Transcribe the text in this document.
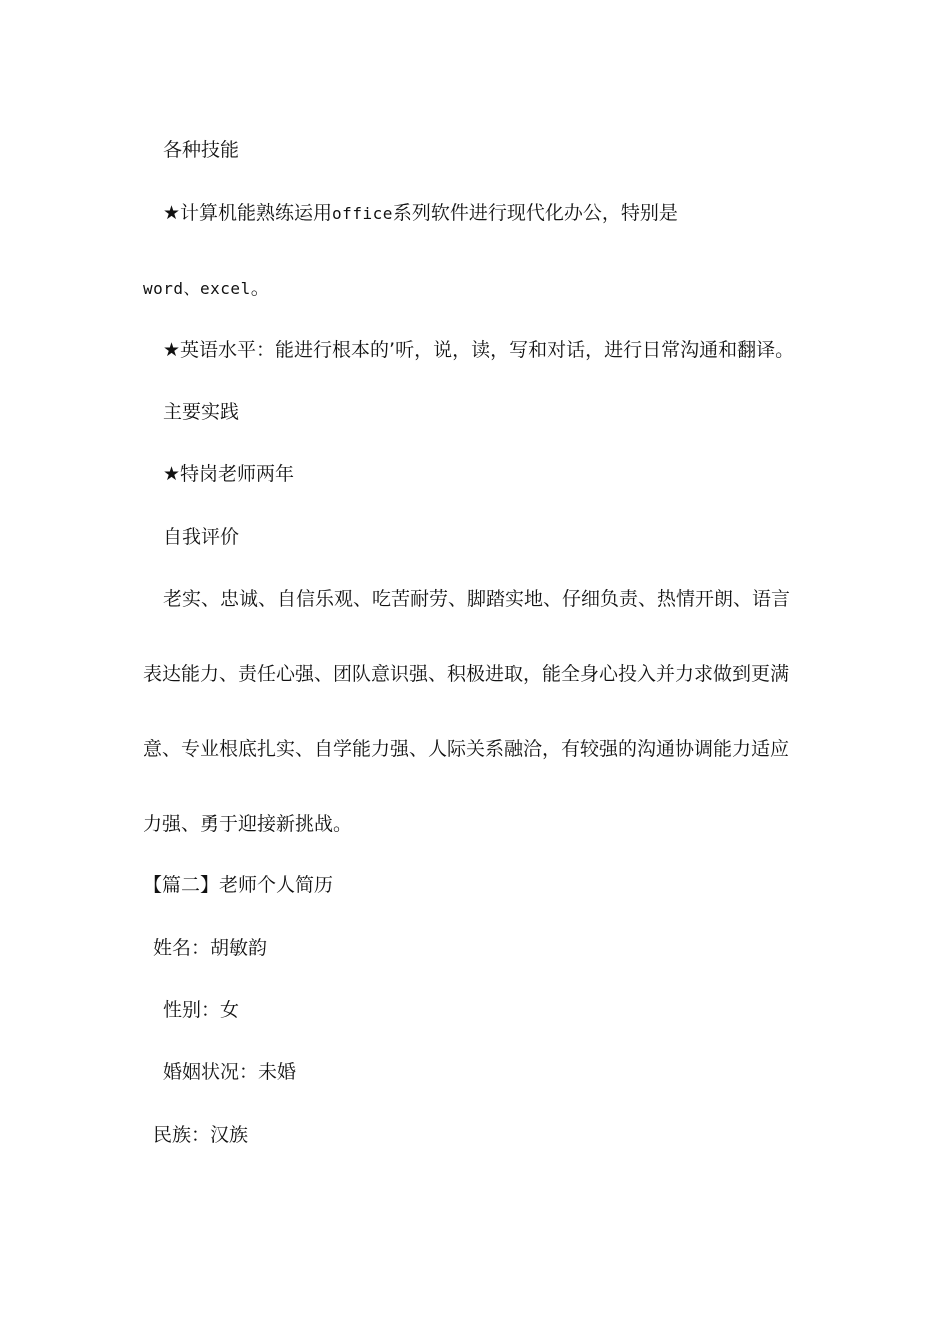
各种技能

★计算机能熟练运用office系列软件进行现代化办公，特别是

word、excel。

★英语水平：能进行根本的’听，说，读，写和对话，进行日常沟通和翻译。

主要实践

★特岗老师两年

自我评价

老实、忠诚、自信乐观、吃苦耐劳、脚踏实地、仔细负责、热情开朗、语言

表达能力、责任心强、团队意识强、积极进取，能全身心投入并力求做到更满

意、专业根底扎实、自学能力强、人际关系融洽，有较强的沟通协调能力适应

力强、勇于迎接新挑战。

【篇二】老师个人简历

姓名：胡敏韵

性别：女

婚姻状况：未婚

民族：汉族
